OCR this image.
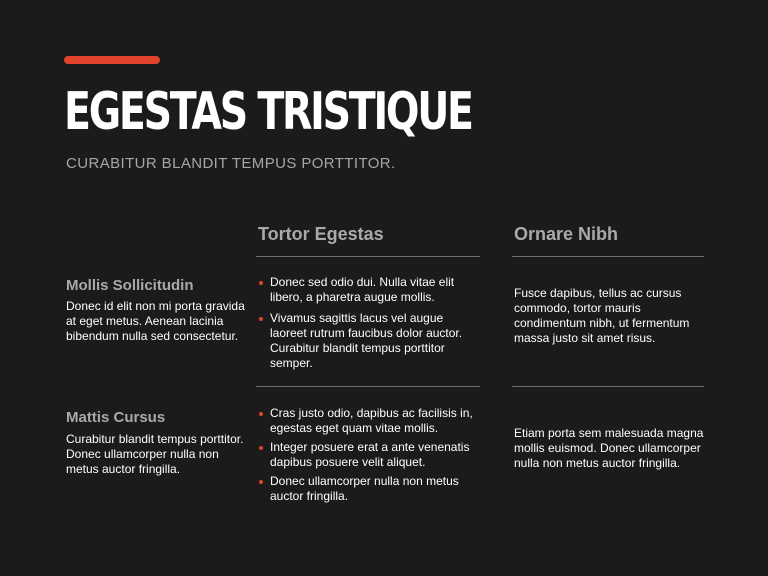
EGESTAS TRISTIQUE

CURABITUR BLANDIT TEMPUS PORTTITOR.

Tortor Egestas	Ornare Nibh
Mollis Sollicitudin

Donec id elit non mi porta gravida at eget metus. Aenean lacinia bibendum nulla sed consectetur.

Donec sed odio dui. Nulla vitae elit libero, a pharetra augue mollis.
Vivamus sagittis lacus vel augue laoreet rutrum faucibus dolor auctor. Curabitur blandit tempus porttitor semper.

Fusce dapibus, tellus ac cursus commodo, tortor mauris condimentum nibh, ut fermentum massa justo sit amet risus.

Mattis Cursus

Curabitur blandit tempus porttitor. Donec ullamcorper nulla non metus auctor fringilla.

Cras justo odio, dapibus ac facilisis in, egestas eget quam vitae mollis.
Integer posuere erat a ante venenatis dapibus posuere velit aliquet.
Donec ullamcorper nulla non metus auctor fringilla.

Etiam porta sem malesuada magna mollis euismod. Donec ullamcorper nulla non metus auctor fringilla.
